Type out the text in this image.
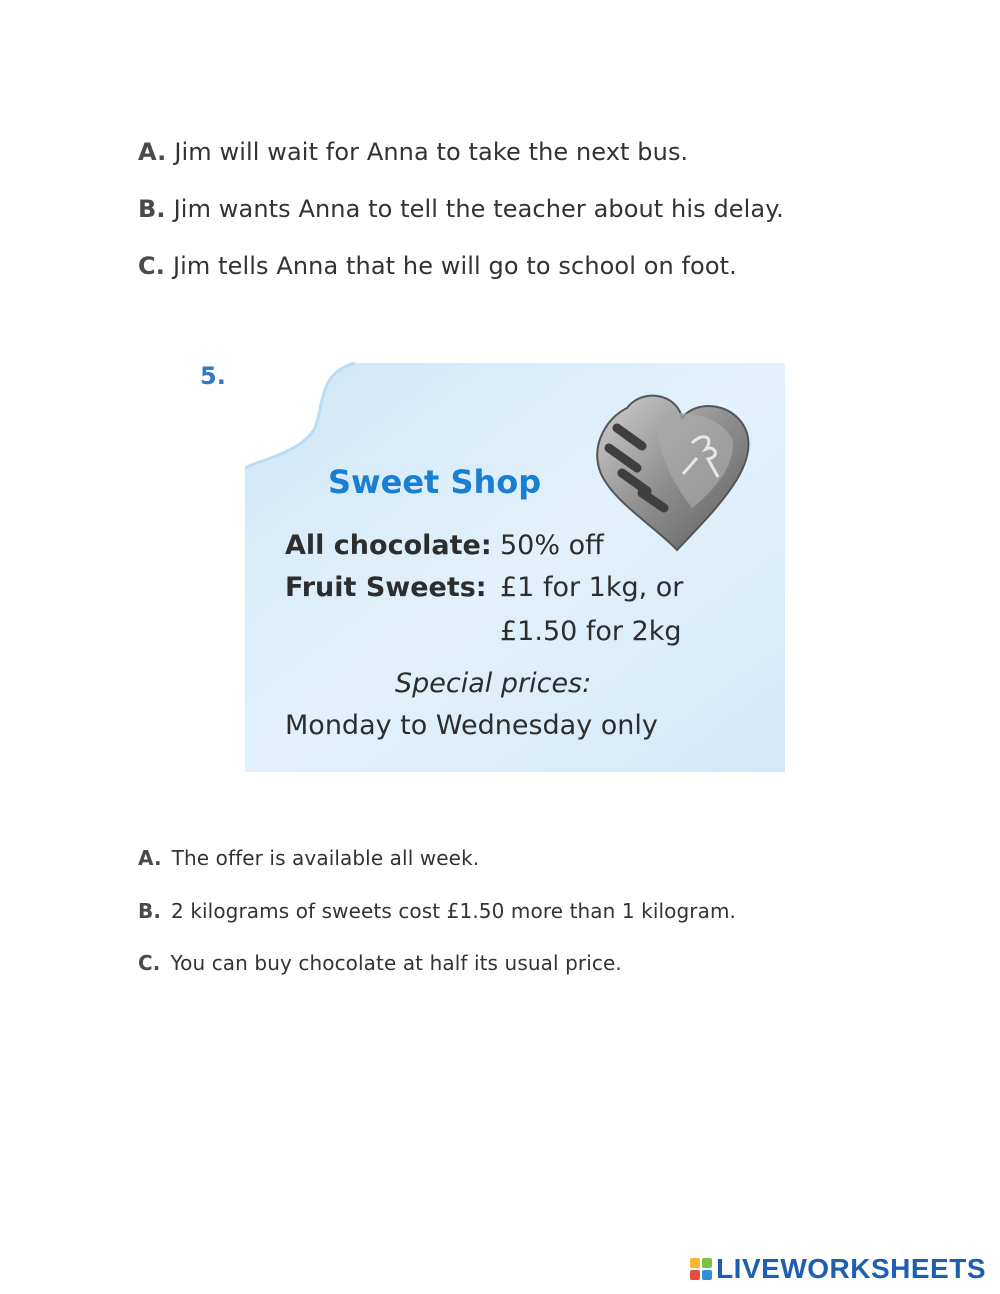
A. Jim will wait for Anna to take the next bus.
B. Jim wants Anna to tell the teacher about his delay.
C. Jim tells Anna that he will go to school on foot.
5.
Sweet Shop
All chocolate: 50% off
Fruit Sweets: £1 for 1kg, or
£1.50 for 2kg
Special prices:
Monday to Wednesday only
A. The offer is available all week.
B. 2 kilograms of sweets cost £1.50 more than 1 kilogram.
C. You can buy chocolate at half its usual price.
LIVEWORKSHEETS
